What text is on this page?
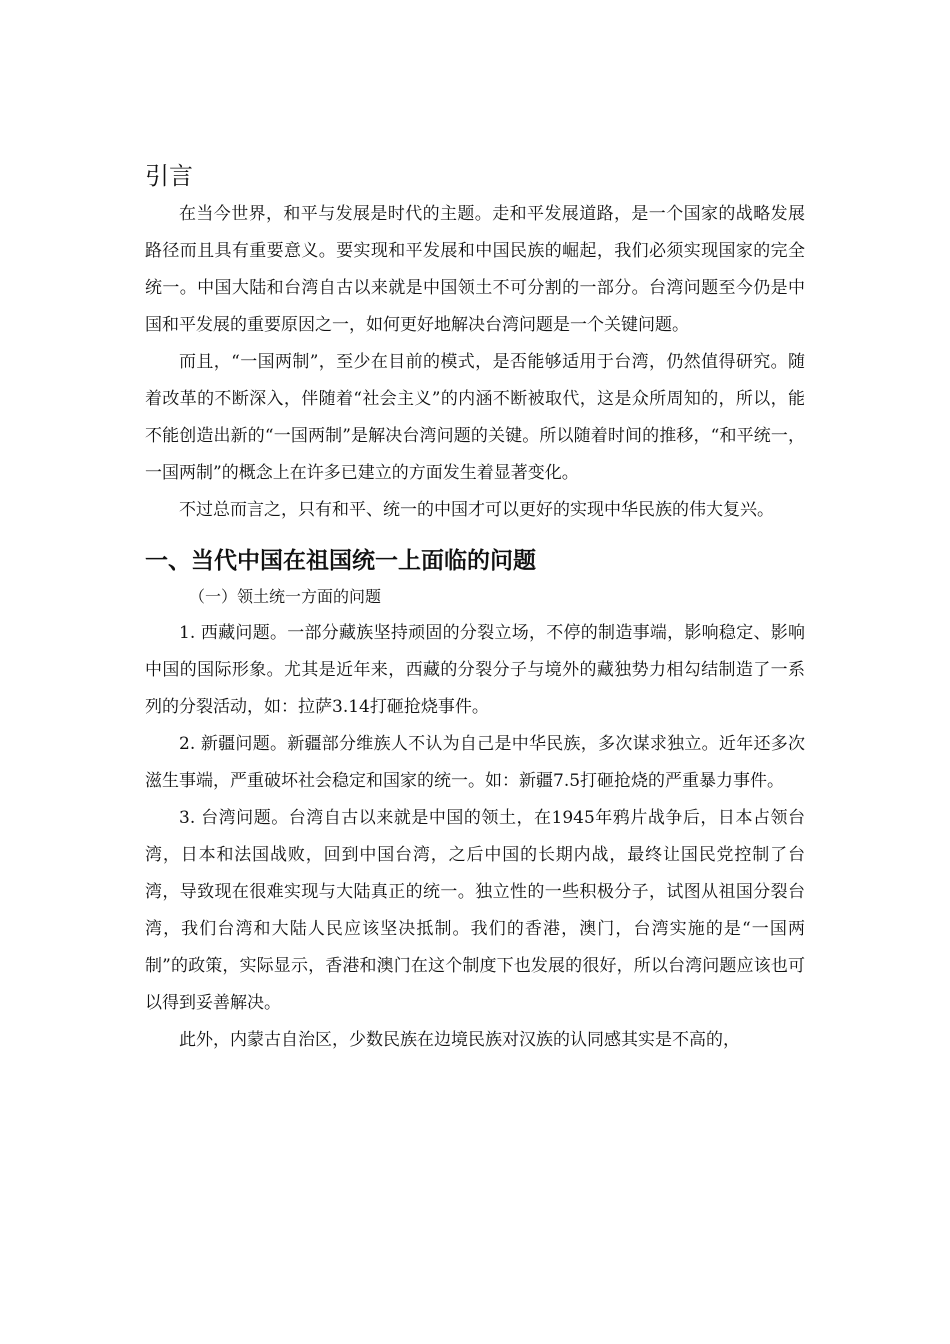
引言

在当今世界，和平与发展是时代的主题。走和平发展道路，是一个国家的战略发展路径而且具有重要意义。要实现和平发展和中国民族的崛起，我们必须实现国家的完全统一。中国大陆和台湾自古以来就是中国领土不可分割的一部分。台湾问题至今仍是中国和平发展的重要原因之一，如何更好地解决台湾问题是一个关键问题。

而且，“一国两制”，至少在目前的模式，是否能够适用于台湾，仍然值得研究。随着改革的不断深入，伴随着“社会主义”的内涵不断被取代，这是众所周知的，所以，能不能创造出新的“一国两制”是解决台湾问题的关键。所以随着时间的推移，“和平统一，一国两制”的概念上在许多已建立的方面发生着显著变化。

不过总而言之，只有和平、统一的中国才可以更好的实现中华民族的伟大复兴。

一、当代中国在祖国统一上面临的问题
（一）领土统一方面的问题

1. 西藏问题。一部分藏族坚持顽固的分裂立场，不停的制造事端，影响稳定、影响中国的国际形象。尤其是近年来，西藏的分裂分子与境外的藏独势力相勾结制造了一系列的分裂活动，如：拉萨3.14打砸抢烧事件。

2. 新疆问题。新疆部分维族人不认为自己是中华民族，多次谋求独立。近年还多次滋生事端，严重破坏社会稳定和国家的统一。如：新疆7.5打砸抢烧的严重暴力事件。

3. 台湾问题。台湾自古以来就是中国的领土，在1945年鸦片战争后，日本占领台湾，日本和法国战败，回到中国台湾，之后中国的长期内战，最终让国民党控制了台湾，导致现在很难实现与大陆真正的统一。独立性的一些积极分子，试图从祖国分裂台湾，我们台湾和大陆人民应该坚决抵制。我们的香港，澳门，台湾实施的是“一国两制”的政策，实际显示，香港和澳门在这个制度下也发展的很好，所以台湾问题应该也可以得到妥善解决。

此外，内蒙古自治区，少数民族在边境民族对汉族的认同感其实是不高的，
